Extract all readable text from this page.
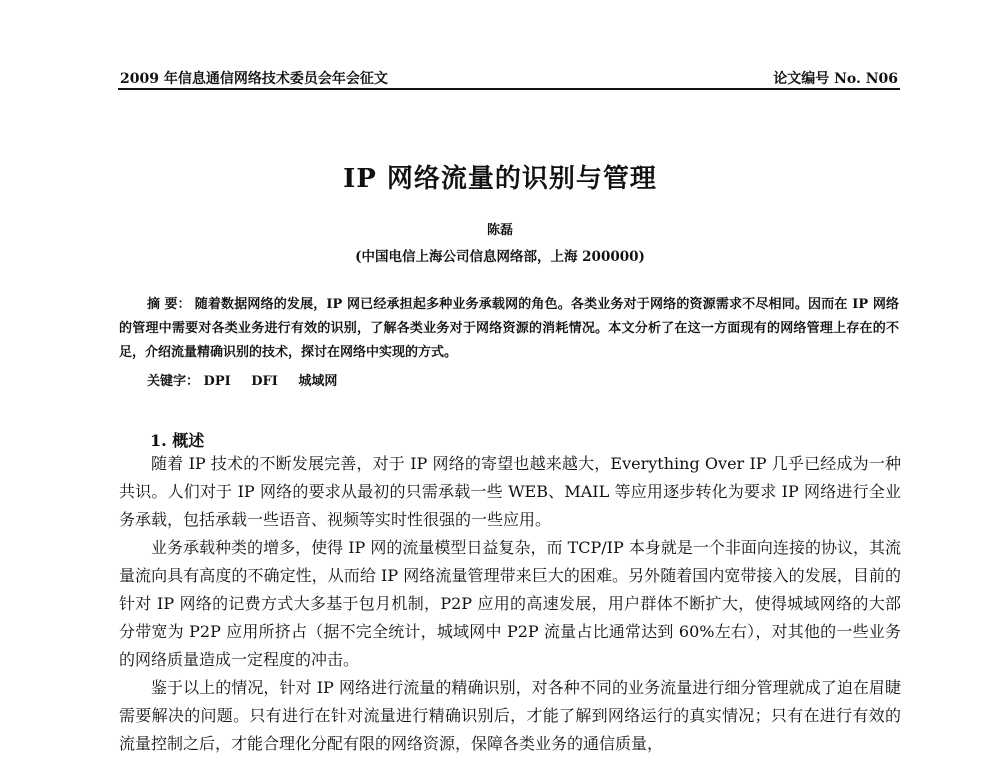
2009 年信息通信网络技术委员会年会征文	论文编号 No. N06
IP 网络流量的识别与管理
陈磊
(中国电信上海公司信息网络部，上海 200000)
摘 要： 随着数据网络的发展，IP 网已经承担起多种业务承载网的角色。各类业务对于网络的资源需求不尽相同。因而在 IP 网络的管理中需要对各类业务进行有效的识别，了解各类业务对于网络资源的消耗情况。本文分析了在这一方面现有的网络管理上存在的不足，介绍流量精确识别的技术，探讨在网络中实现的方式。
关键字： DPI DFI 城域网
1. 概述

随着 IP 技术的不断发展完善，对于 IP 网络的寄望也越来越大，Everything Over IP 几乎已经成为一种共识。人们对于 IP 网络的要求从最初的只需承载一些 WEB、MAIL 等应用逐步转化为要求 IP 网络进行全业务承载，包括承载一些语音、视频等实时性很强的一些应用。

业务承载种类的增多，使得 IP 网的流量模型日益复杂，而 TCP/IP 本身就是一个非面向连接的协议，其流量流向具有高度的不确定性，从而给 IP 网络流量管理带来巨大的困难。另外随着国内宽带接入的发展，目前的针对 IP 网络的记费方式大多基于包月机制，P2P 应用的高速发展，用户群体不断扩大，使得城域网络的大部分带宽为 P2P 应用所挤占（据不完全统计，城域网中 P2P 流量占比通常达到 60%左右），对其他的一些业务的网络质量造成一定程度的冲击。

鉴于以上的情况，针对 IP 网络进行流量的精确识别，对各种不同的业务流量进行细分管理就成了迫在眉睫需要解决的问题。只有进行在针对流量进行精确识别后，才能了解到网络运行的真实情况；只有在进行有效的流量控制之后，才能合理化分配有限的网络资源，保障各类业务的通信质量，
